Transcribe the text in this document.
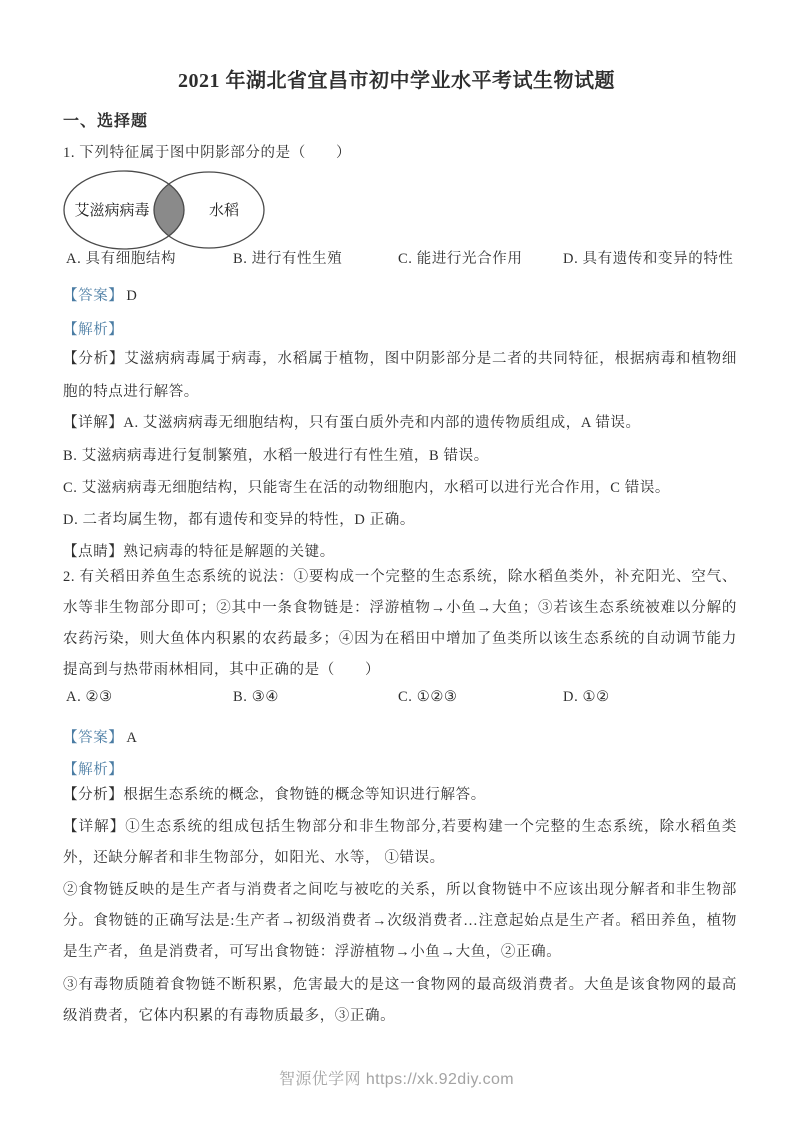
2021 年湖北省宜昌市初中学业水平考试生物试题
一、选择题
1. 下列特征属于图中阴影部分的是（　　）
艾滋病病毒	水稻
A. 具有细胞结构	B. 进行有性生殖	C. 能进行光合作用	D. 具有遗传和变异的特性
【答案】 D
【解析】
【分析】艾滋病病毒属于病毒，水稻属于植物，图中阴影部分是二者的共同特征，根据病毒和植物细胞的特点进行解答。
【详解】A. 艾滋病病毒无细胞结构，只有蛋白质外壳和内部的遗传物质组成，A 错误。
B. 艾滋病病毒进行复制繁殖，水稻一般进行有性生殖，B 错误。
C. 艾滋病病毒无细胞结构，只能寄生在活的动物细胞内，水稻可以进行光合作用，C 错误。
D. 二者均属生物，都有遗传和变异的特性，D 正确。
【点睛】熟记病毒的特征是解题的关键。
2. 有关稻田养鱼生态系统的说法：①要构成一个完整的生态系统，除水稻鱼类外，补充阳光、空气、水等非生物部分即可；②其中一条食物链是：浮游植物→小鱼→大鱼；③若该生态系统被难以分解的农药污染，则大鱼体内积累的农药最多；④因为在稻田中增加了鱼类所以该生态系统的自动调节能力提高到与热带雨林相同，其中正确的是（　　）
A. ②③	B. ③④	C. ①②③	D. ①②
【答案】 A
【解析】
【分析】根据生态系统的概念，食物链的概念等知识进行解答。
【详解】①生态系统的组成包括生物部分和非生物部分,若要构建一个完整的生态系统，除水稻鱼类外，还缺分解者和非生物部分，如阳光、水等， ①错误。
②食物链反映的是生产者与消费者之间吃与被吃的关系，所以食物链中不应该出现分解者和非生物部分。食物链的正确写法是:生产者→初级消费者→次级消费者…注意起始点是生产者。稻田养鱼，植物是生产者，鱼是消费者，可写出食物链：浮游植物→小鱼→大鱼，②正确。
③有毒物质随着食物链不断积累，危害最大的是这一食物网的最高级消费者。大鱼是该食物网的最高级消费者，它体内积累的有毒物质最多，③正确。
智源优学网 https://xk.92diy.com
